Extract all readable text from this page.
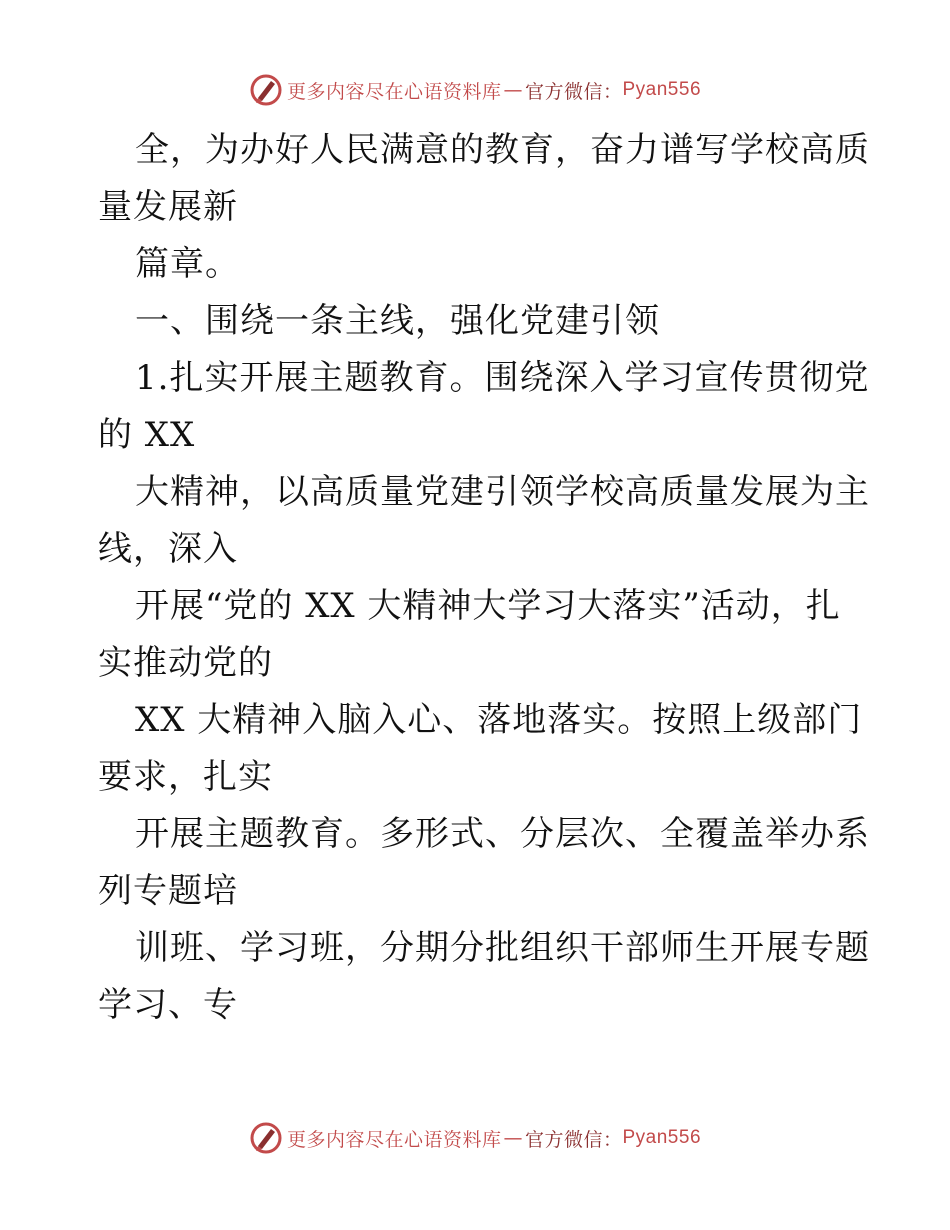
更多内容尽在心语资料库 — 官方微信： Pyan556
全，为办好人民满意的教育，奋力谱写学校高质
量发展新
篇章。
一、围绕一条主线，强化党建引领
1.扎实开展主题教育。围绕深入学习宣传贯彻党
的 XX
大精神，以高质量党建引领学校高质量发展为主
线，深入
开展“党的 XX 大精神大学习大落实”活动，扎
实推动党的
XX 大精神入脑入心、落地落实。按照上级部门
要求，扎实
开展主题教育。多形式、分层次、全覆盖举办系
列专题培
训班、学习班，分期分批组织干部师生开展专题
学习、专
更多内容尽在心语资料库 — 官方微信： Pyan556
